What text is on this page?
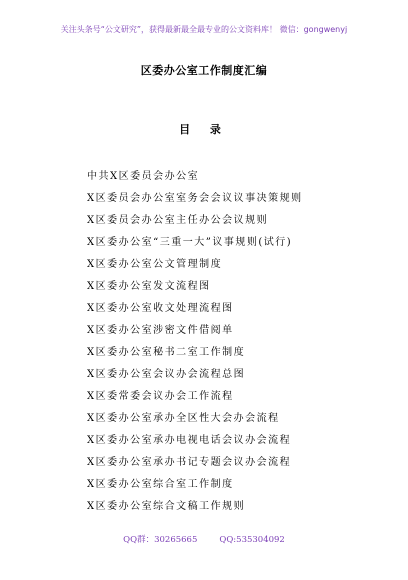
关注头条号“公文研究”，获得最新最全最专业的公文资料库！ 微信：gongwenyj
区委办公室工作制度汇编
目 录
中共X区委员会办公室
X区委员会办公室室务会会议议事决策规则
X区委员会办公室主任办公会议规则
X区委办公室“三重一大”议事规则(试行)
X区委办公室公文管理制度
X区委办公室发文流程图
X区委办公室收文处理流程图
X区委办公室涉密文件借阅单
X区委办公室秘书二室工作制度
X区委办公室会议办会流程总图
X区委常委会议办会工作流程
X区委办公室承办全区性大会办会流程
X区委办公室承办电视电话会议办会流程
X区委办公室承办书记专题会议办会流程
X区委办公室综合室工作制度
X区委办公室综合文稿工作规则
QQ群：30265665	QQ:535304092
